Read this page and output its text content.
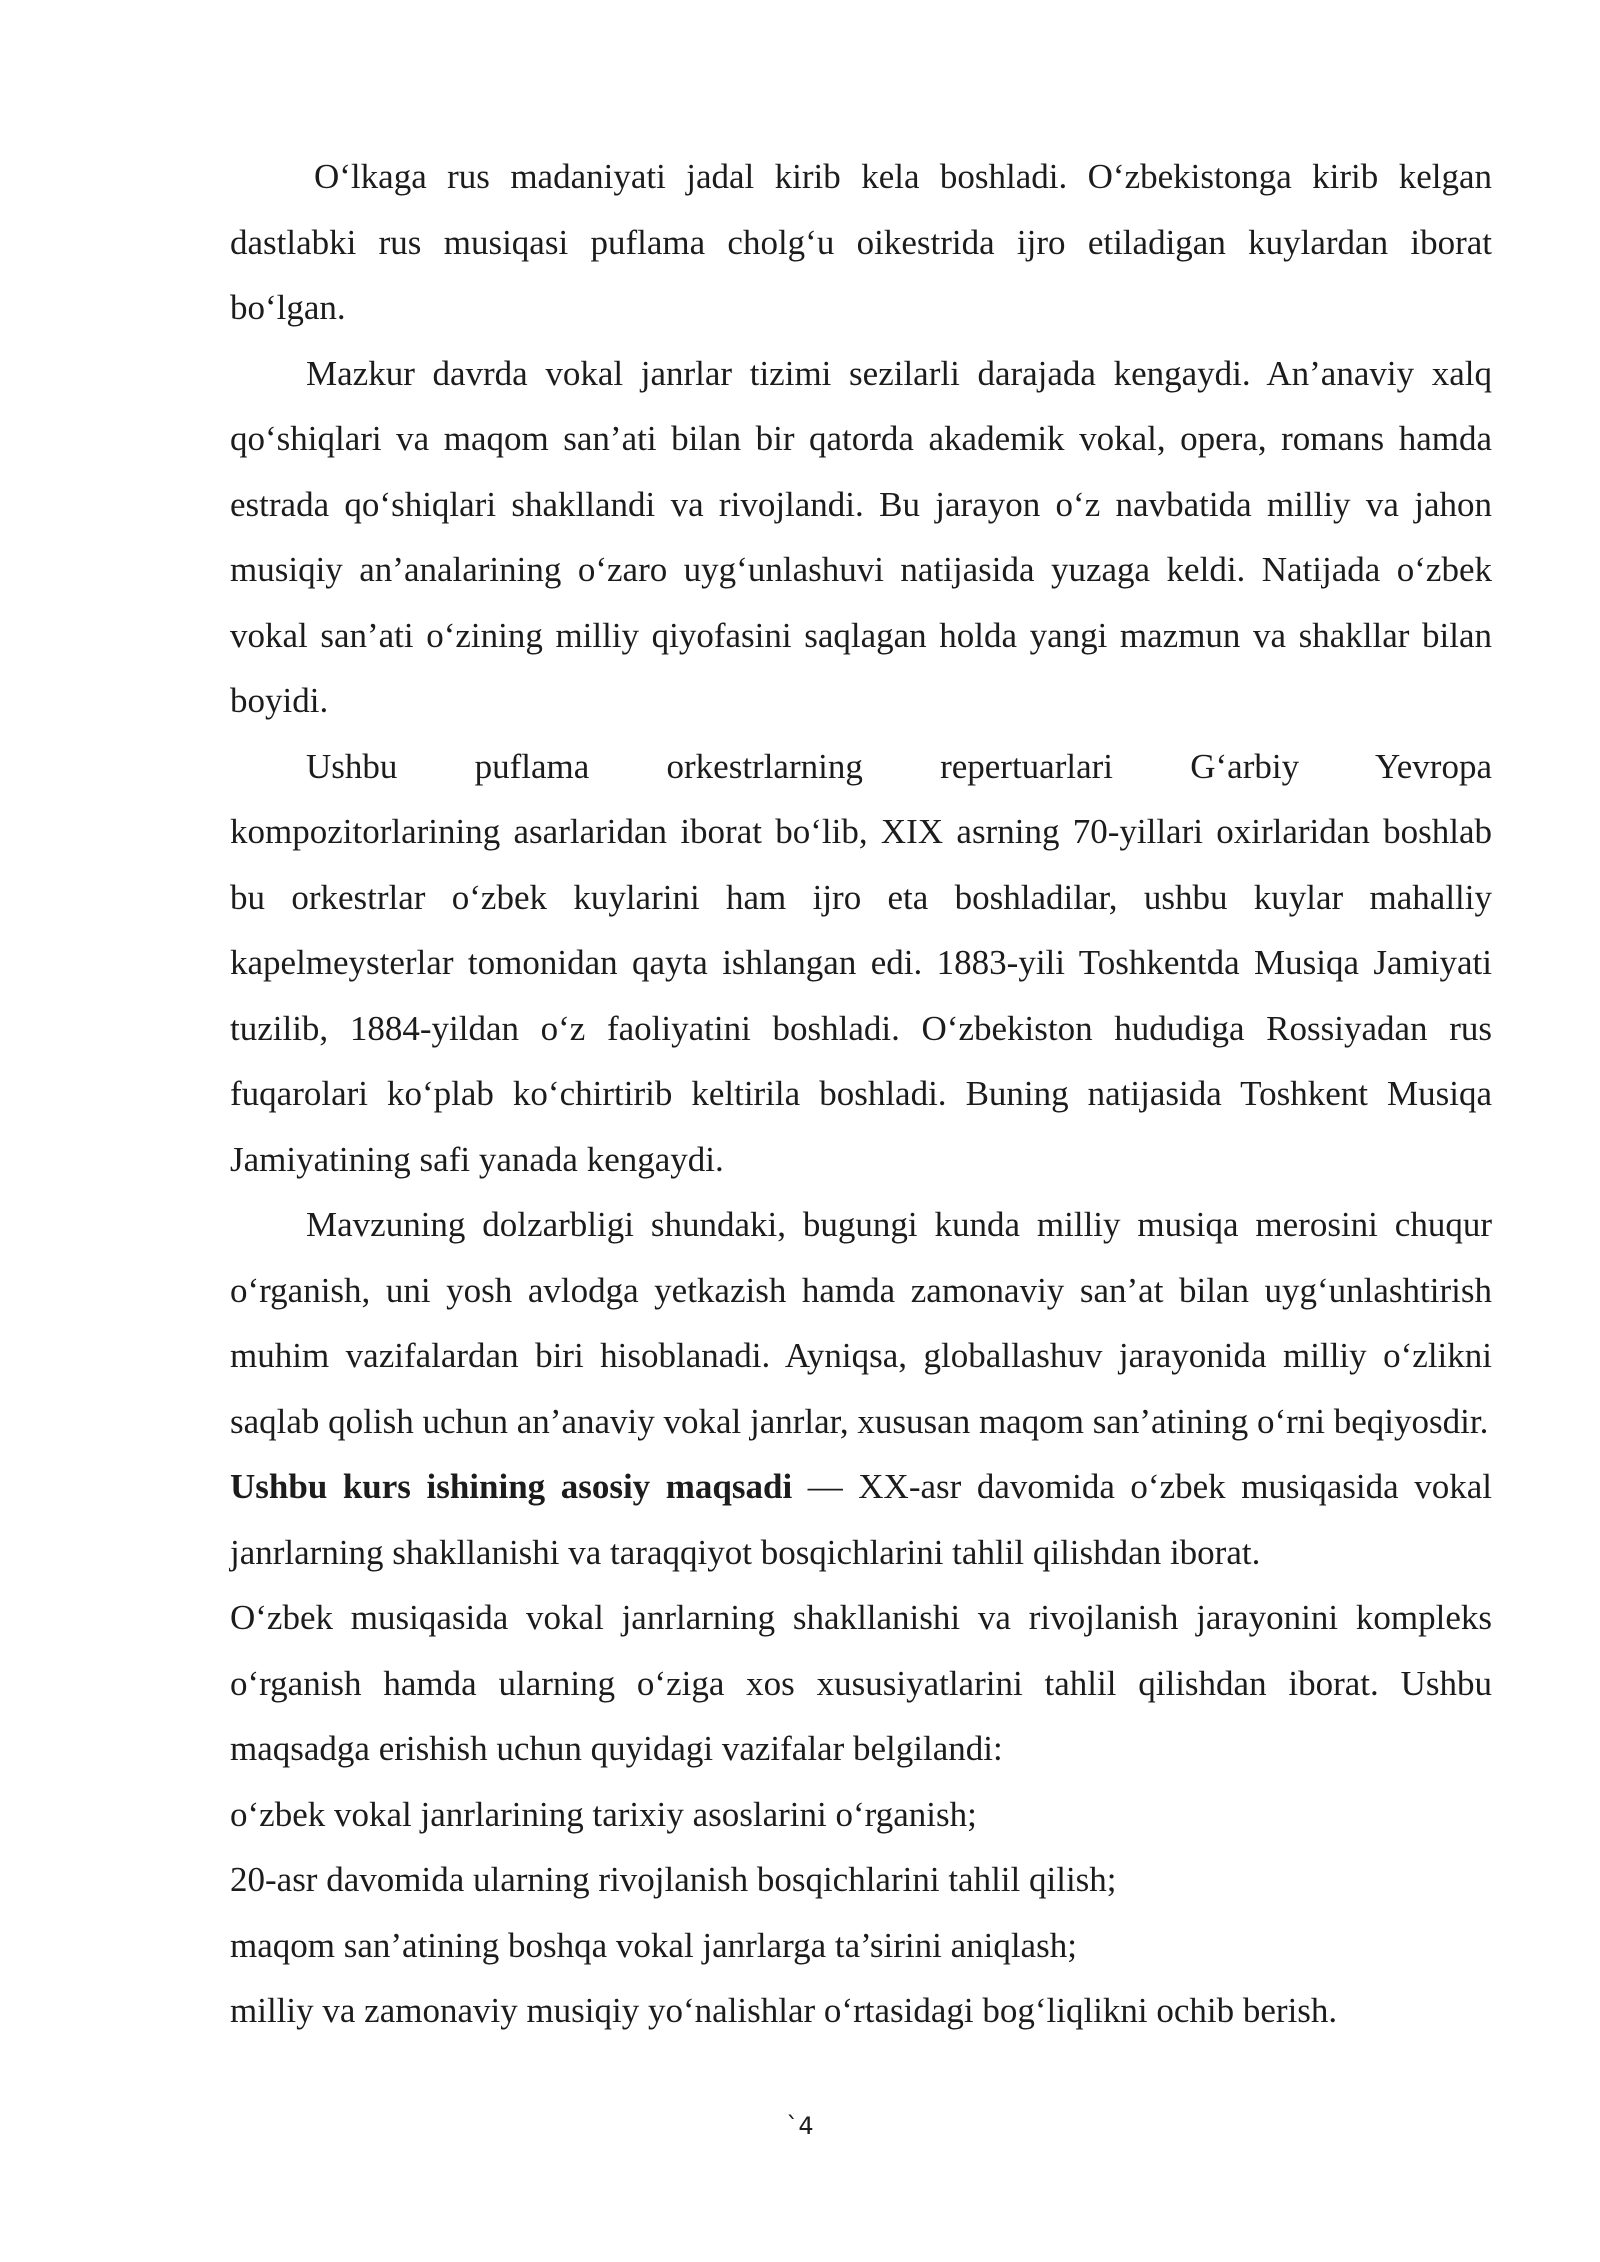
O‘lkaga rus madaniyati jadal kirib kela boshladi. O‘zbekistonga kirib kelgan dastlabki rus musiqasi puflama cholg‘u oikestrida ijro etiladigan kuylardan iborat bo‘lgan.

Mazkur davrda vokal janrlar tizimi sezilarli darajada kengaydi. An’anaviy xalq qo‘shiqlari va maqom san’ati bilan bir qatorda akademik vokal, opera, romans hamda estrada qo‘shiqlari shakllandi va rivojlandi. Bu jarayon o‘z navbatida milliy va jahon musiqiy an’analarining o‘zaro uyg‘unlashuvi natijasida yuzaga keldi. Natijada o‘zbek vokal san’ati o‘zining milliy qiyofasini saqlagan holda yangi mazmun va shakllar bilan boyidi.

Ushbu puflama orkestrlarning repertuarlari G‘arbiy Yevropa

kompozitorlarining asarlaridan iborat bo‘lib, XIX asrning 70-yillari oxirlaridan boshlab bu orkestrlar o‘zbek kuylarini ham ijro eta boshladilar, ushbu kuylar mahalliy kapelmeysterlar tomonidan qayta ishlangan edi. 1883-yili Toshkentda Musiqa Jamiyati tuzilib, 1884-yildan o‘z faoliyatini boshladi. O‘zbekiston hududiga Rossiyadan rus fuqarolari ko‘plab ko‘chirtirib keltirila boshladi. Buning natijasida Toshkent Musiqa Jamiyatining safi yanada kengaydi.

Mavzuning dolzarbligi shundaki, bugungi kunda milliy musiqa merosini chuqur o‘rganish, uni yosh avlodga yetkazish hamda zamonaviy san’at bilan uyg‘unlashtirish muhim vazifalardan biri hisoblanadi. Ayniqsa, globallashuv jarayonida milliy o‘zlikni saqlab qolish uchun an’anaviy vokal janrlar, xususan maqom san’atining o‘rni beqiyosdir.

Ushbu kurs ishining asosiy maqsadi — XX-asr davomida o‘zbek musiqasida vokal janrlarning shakllanishi va taraqqiyot bosqichlarini tahlil qilishdan iborat.

O‘zbek musiqasida vokal janrlarning shakllanishi va rivojlanish jarayonini kompleks o‘rganish hamda ularning o‘ziga xos xususiyatlarini tahlil qilishdan iborat. Ushbu maqsadga erishish uchun quyidagi vazifalar belgilandi:

o‘zbek vokal janrlarining tarixiy asoslarini o‘rganish;
20-asr davomida ularning rivojlanish bosqichlarini tahlil qilish;
maqom san’atining boshqa vokal janrlarga ta’sirini aniqlash;
milliy va zamonaviy musiqiy yo‘nalishlar o‘rtasidagi bog‘liqlikni ochib berish.
`4
